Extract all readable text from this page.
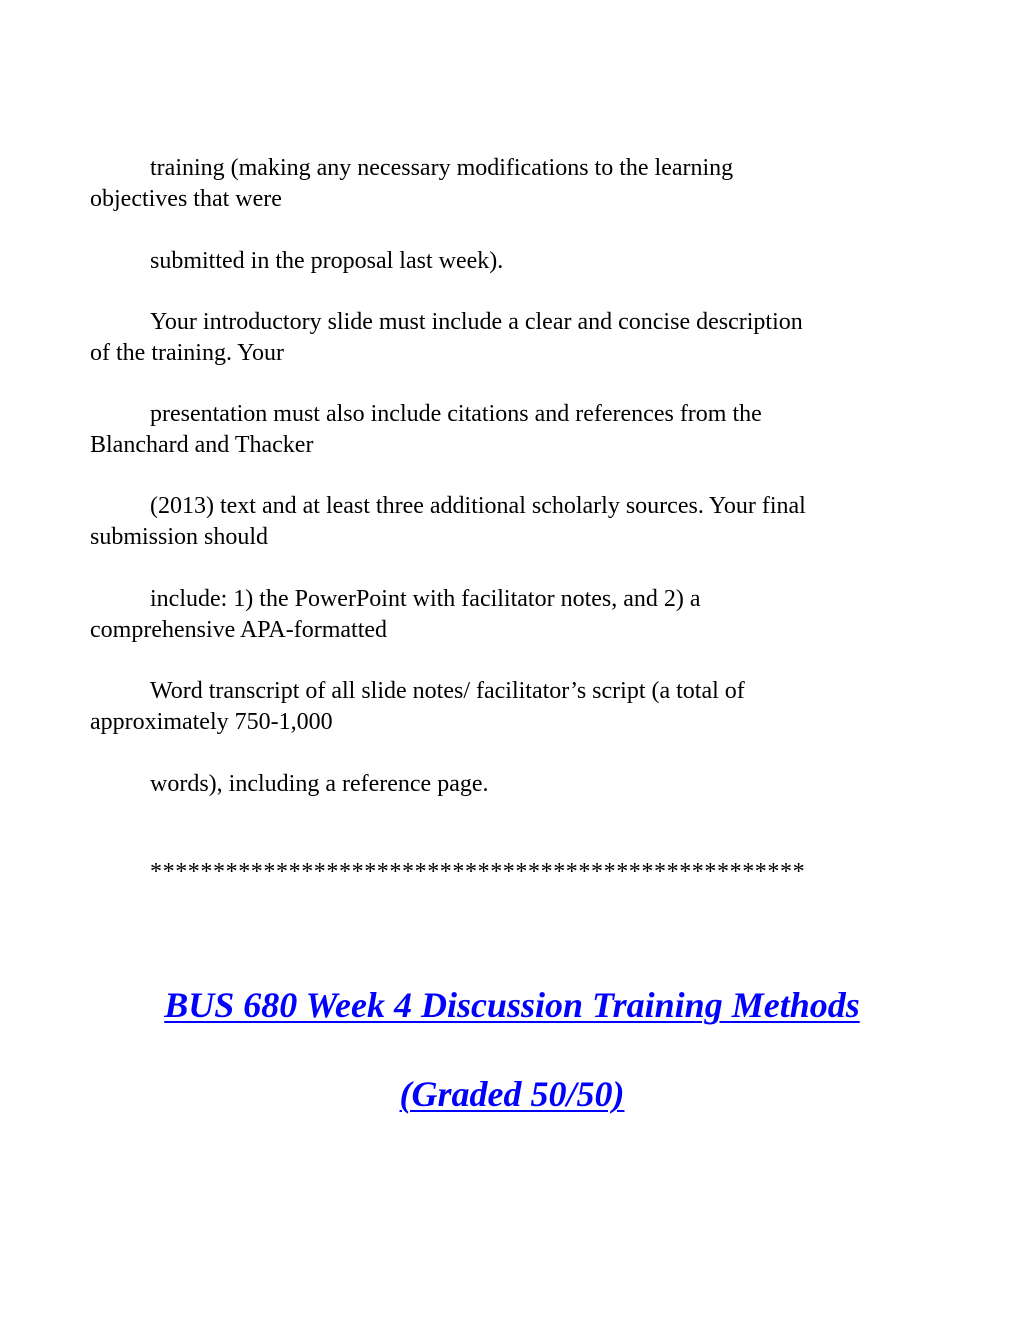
training (making any necessary modifications to the learning
objectives that were

submitted in the proposal last week).

Your introductory slide must include a clear and concise description
of the training. Your

presentation must also include citations and references from the
Blanchard and Thacker

(2013) text and at least three additional scholarly sources. Your final
submission should

include: 1) the PowerPoint with facilitator notes, and 2) a
comprehensive APA-formatted

Word transcript of all slide notes/ facilitator’s script (a total of
approximately 750-1,000

words), including a reference page.

****************************************************

BUS 680 Week 4 Discussion Training Methods

(Graded 50/50)
